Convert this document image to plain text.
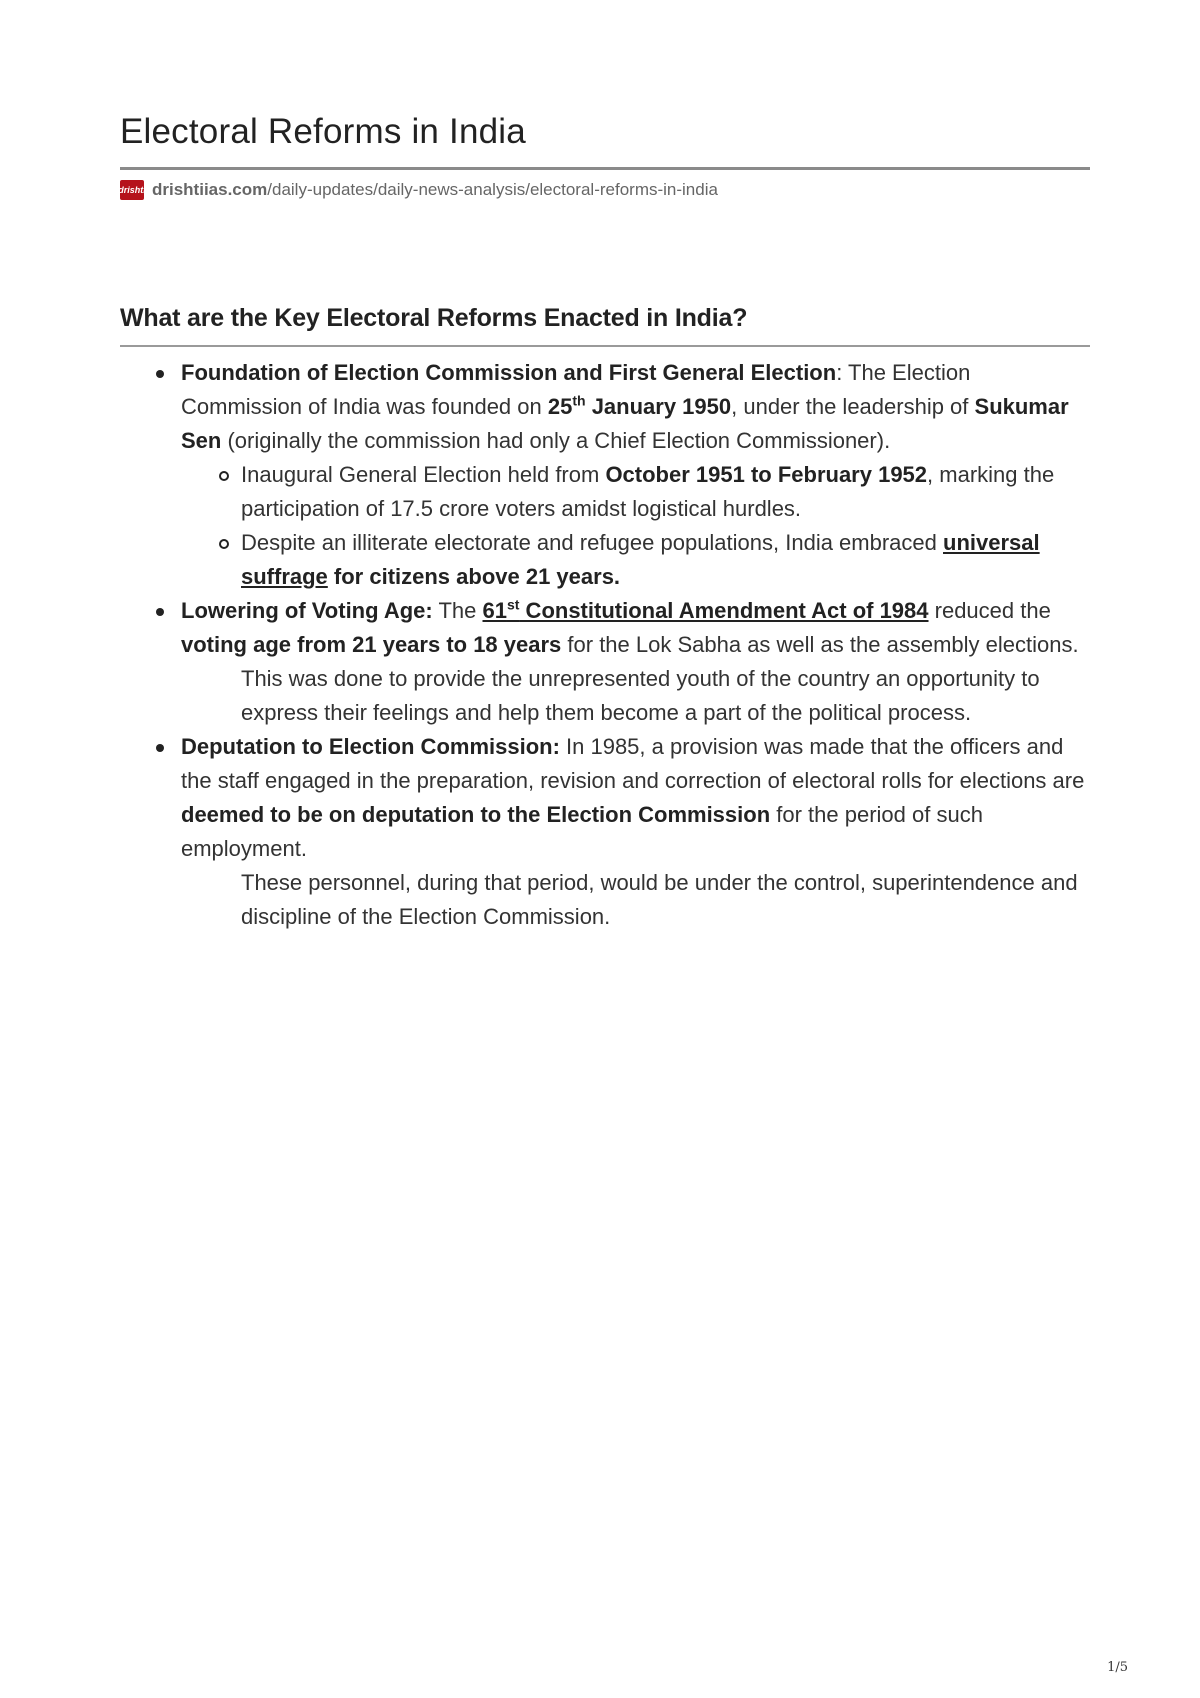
Electoral Reforms in India
drishti drishtiias.com /daily-updates/daily-news-analysis/electoral-reforms-in-india
What are the Key Electoral Reforms Enacted in India?
Foundation of Election Commission and First General Election: The Election Commission of India was founded on 25th January 1950, under the leadership of Sukumar Sen (originally the commission had only a Chief Election Commissioner).
Inaugural General Election held from October 1951 to February 1952, marking the participation of 17.5 crore voters amidst logistical hurdles.
Despite an illiterate electorate and refugee populations, India embraced universal suffrage for citizens above 21 years.
Lowering of Voting Age: The 61st Constitutional Amendment Act of 1984 reduced the voting age from 21 years to 18 years for the Lok Sabha as well as the assembly elections.

This was done to provide the unrepresented youth of the country an opportunity to express their feelings and help them become a part of the political process.

Deputation to Election Commission: In 1985, a provision was made that the officers and the staff engaged in the preparation, revision and correction of electoral rolls for elections are deemed to be on deputation to the Election Commission for the period of such employment.

These personnel, during that period, would be under the control, superintendence and discipline of the Election Commission.

1/5
